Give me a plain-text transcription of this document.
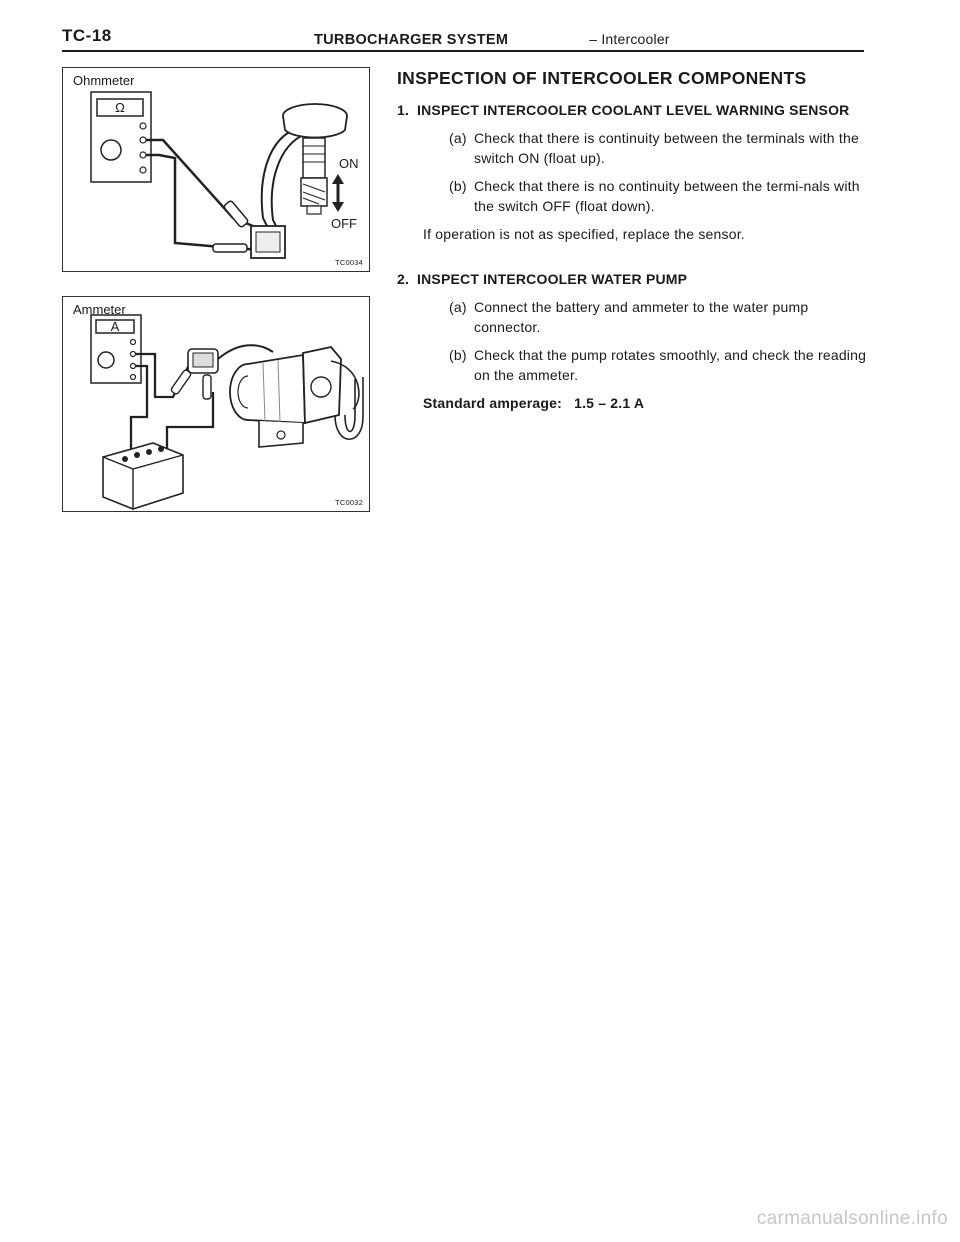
TC-18	TURBOCHARGER SYSTEM	– Intercooler
Ω
ON
OFF
Ohmmeter
TC0034
A
Ammeter
TC0032
INSPECTION OF INTERCOOLER COMPONENTS
1. INSPECT INTERCOOLER COOLANT LEVEL WARNING SENSOR
(a) Check that there is continuity between the terminals with the switch ON (float up).
(b) Check that there is no continuity between the termi-nals with the switch OFF (float down).
If operation is not as specified, replace the sensor.
2. INSPECT INTERCOOLER WATER PUMP
(a) Connect the battery and ammeter to the water pump connector.
(b) Check that the pump rotates smoothly, and check the reading on the ammeter.
Standard amperage: 1.5 – 2.1 A
carmanualsonline.info
